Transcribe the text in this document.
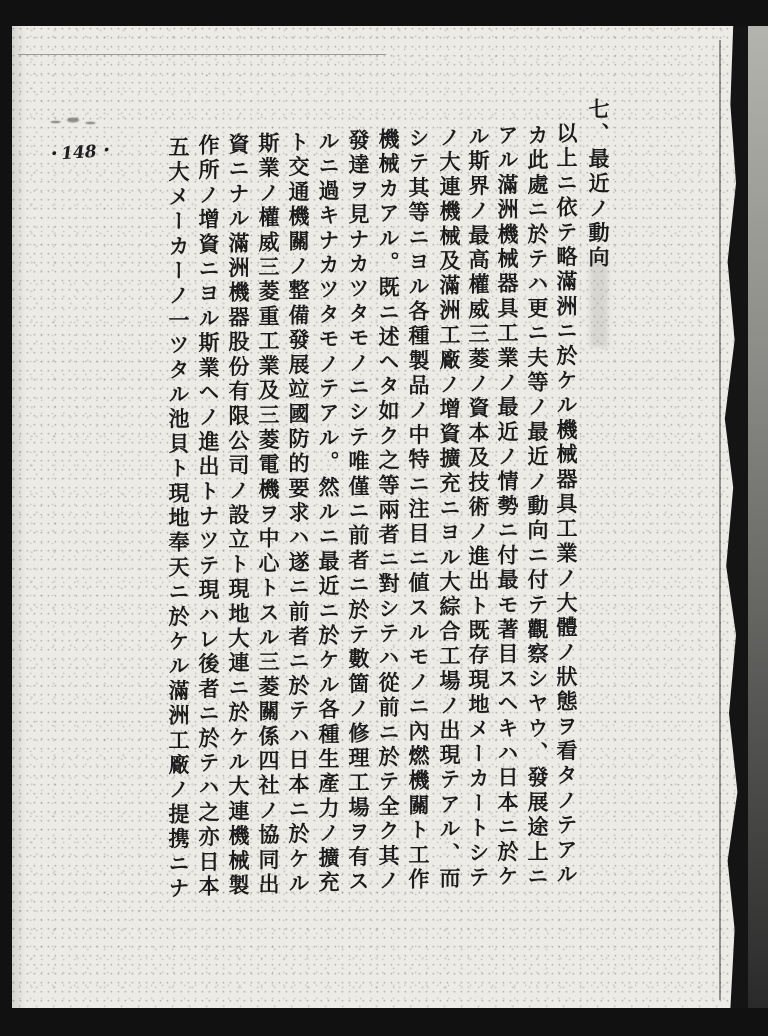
・148・	七、最近ノ動向
以上ニ依テ略滿洲ニ於ケル機械器具工業ノ大體ノ狀態ヲ看タノテアル
カ此處ニ於テハ更ニ夫等ノ最近ノ動向ニ付テ觀察シヤウ、發展途上ニ
アル滿洲機械器具工業ノ最近ノ情勢ニ付最モ著目スヘキハ日本ニ於ケ
ル斯界ノ最高權威三菱ノ資本及技術ノ進出ト既存現地メーカートシテ
ノ大連機械及滿洲工廠ノ增資擴充ニヨル大綜合工場ノ出現テアル、而
シテ其等ニヨル各種製品ノ中特ニ注目ニ値スルモノニ內燃機關ト工作
機械カアル。既ニ述ヘタ如ク之等兩者ニ對シテハ從前ニ於テ全ク其ノ
發達ヲ見ナカツタモノニシテ唯僅ニ前者ニ於テ數箇ノ修理工場ヲ有ス
ルニ過キナカツタモノテアル。然ルニ最近ニ於ケル各種生產力ノ擴充
ト交通機關ノ整備發展竝國防的要求ハ遂ニ前者ニ於テハ日本ニ於ケル
斯業ノ權威三菱重工業及三菱電機ヲ中心トスル三菱關係四社ノ協同出
資ニナル滿洲機器股份有限公司ノ設立ト現地大連ニ於ケル大連機械製
作所ノ增資ニヨル斯業ヘノ進出トナツテ現ハレ後者ニ於テハ之亦日本
五大メーカーノ一ツタル池貝ト現地奉天ニ於ケル滿洲工廠ノ提携ニナ
